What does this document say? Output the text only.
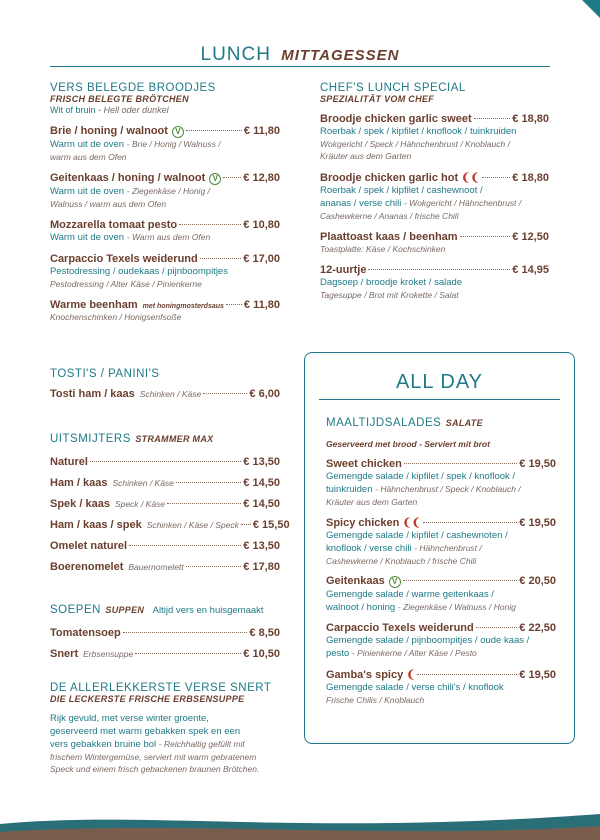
LUNCH MITTAGESSEN
VERS BELEGDE BROODJES
FRISCH BELEGTE BRÖTCHEN
Wit of bruin - Hell oder dunkel
Brie / honing / walnoot V	€ 11,80
Warm uit de oven - Brie / Honig / Walnuss /
warm aus dem Ofen
Geitenkaas / honing / walnoot V	€ 12,80
Warm uit de oven - Ziegenkäse / Honig /
Walnuss / warm aus dem Ofen
Mozzarella tomaat pesto	€ 10,80
Warm uit de oven - Warm aus dem Ofen
Carpaccio Texels weiderund	€ 17,00
Pestodressing / oudekaas / pijnboompitjes
Pestodressing / Alter Käse / Pinienkerne
Warme beenham met honingmosterdsaus € 11,80
Knochenschinken / Honigsenfsoße
TOSTI'S / PANINI'S
Tosti ham / kaas Schinken / Käse	€ 6,00
UITSMIJTERS STRAMMER MAX
Naturel	€ 13,50
Ham / kaas Schinken / Käse	€ 14,50
Spek / kaas Speck / Käse	€ 14,50
Ham / kaas / spek Schinken / Käse / Speck € 15,50
Omelet naturel	€ 13,50
Boerenomelet Bauernomelett	€ 17,80
SOEPEN SUPPEN Altijd vers en huisgemaakt
Tomatensoep	€ 8,50
Snert Erbsensuppe	€ 10,50
DE ALLERLEKKERSTE VERSE SNERT
DIE LECKERSTE FRISCHE ERBSENSUPPE
Rijk gevuld, met verse winter groente,
geserveerd met warm gebakken spek en een
vers gebakken bruine bol - Reichhaltig gefüllt mit
frischem Wintergemüse, serviert mit warm gebratenem
Speck und einem frisch gebackenen braunen Brötchen.
CHEF'S LUNCH SPECIAL
SPEZIALITÄT VOM CHEF
Broodje chicken garlic sweet	€ 18,80
Roerbak / spek / kipfilet / knoflook / tuinkruiden
Wokgericht / Speck / Hähnchenbrust / Knoblauch /
Kräuter aus dem Garten
Broodje chicken garlic hot ❨❨	€ 18,80
Roerbak / spek / kipfilet / cashewnoot /
ananas / verse chili - Wokgericht / Hähnchenbrust /
Cashewkerne / Ananas / frische Chili
Plaattoast kaas / beenham	€ 12,50
Toastplatte: Käse / Kochschinken
12-uurtje	€ 14,95
Dagsoep / broodje kroket / salade
Tagesuppe / Brot mit Krokette / Salat
ALL DAY
MAALTIJDSALADES SALATE
Geserveerd met brood - Serviert mit brot
Sweet chicken	€ 19,50
Gemengde salade / kipfilet / spek / knoflook /
tuinkruiden - Hähnchenbrust / Speck / Knoblauch /
Kräuter aus dem Garten
Spicy chicken ❨❨	€ 19,50
Gemengde salade / kipfilet / cashewnoten /
knoflook / verse chili - Hähnchenbrust /
Cashewkerne / Knoblauch / frische Chili
Geitenkaas V	€ 20,50
Gemengde salade / warme geitenkaas /
walnoot / honing - Ziegenkäse / Walnuss / Honig
Carpaccio Texels weiderund	€ 22,50
Gemengde salade / pijnboompitjes / oude kaas /
pesto - Pinienkerne / Alter Käse / Pesto
Gamba's spicy ❨	€ 19,50
Gemengde salade / verse chili's / knoflook
Frische Chilis / Knoblauch
